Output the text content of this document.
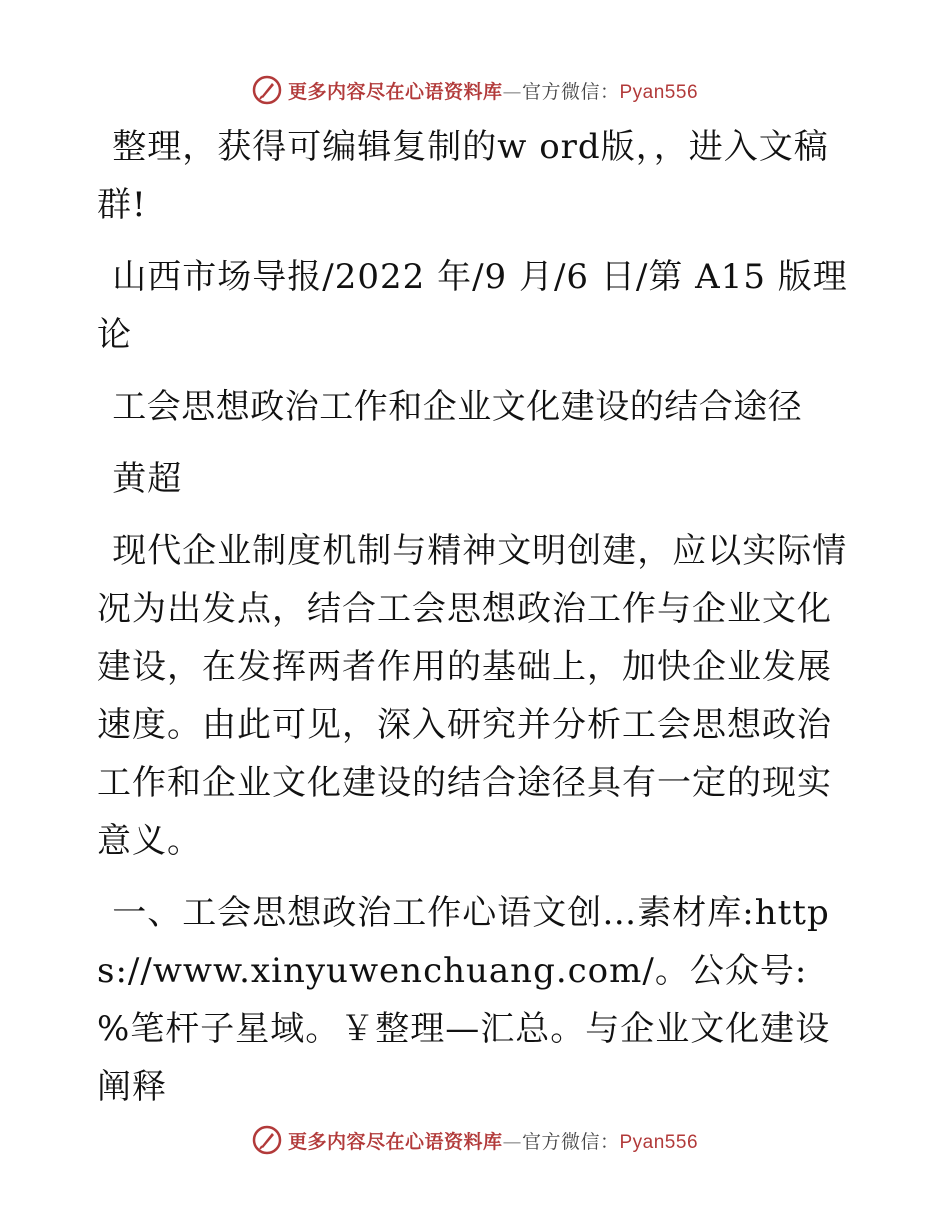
更多内容尽在心语资料库—官方微信：Pyan556

整理，获得可编辑复制的w ord版，，进入文稿群!

山西市场导报/2022 年/9 月/6 日/第 A15 版理论

工会思想政治工作和企业文化建设的结合途径

黄超

现代企业制度机制与精神文明创建，应以实际情况为出发点，结合工会思想政治工作与企业文化建设，在发挥两者作用的基础上，加快企业发展速度。由此可见，深入研究并分析工会思想政治工作和企业文化建设的结合途径具有一定的现实意义。

一、工会思想政治工作心语文创…素材库:https://www.xinyuwenchuang.com/。公众号: %笔杆子星域。￥整理—汇总。与企业文化建设阐释

更多内容尽在心语资料库—官方微信：Pyan556
